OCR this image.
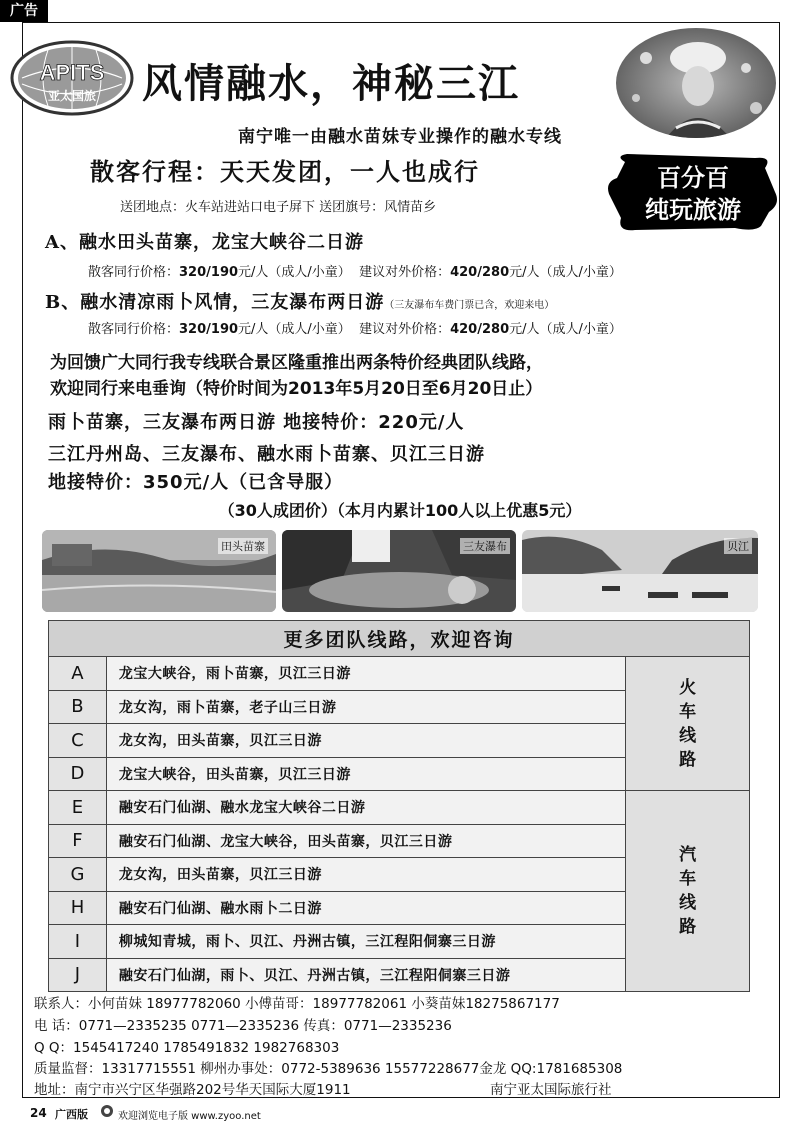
广告
APITS
亚太国旅 风情融水，神秘三江
南宁唯一由融水苗妹专业操作的融水专线
散客行程：天天发团，一人也成行	百分百
纯玩旅游
送团地点：火车站进站口电子屏下 送团旗号：风情苗乡
A、融水田头苗寨，龙宝大峡谷二日游
散客同行价格：320/190元/人（成人/小童） 建议对外价格：420/280元/人（成人/小童）
B、融水清凉雨卜风情，三友瀑布两日游（三友瀑布车费门票已含，欢迎来电）
散客同行价格：320/190元/人（成人/小童） 建议对外价格：420/280元/人（成人/小童）
为回馈广大同行我专线联合景区隆重推出两条特价经典团队线路，
欢迎同行来电垂询（特价时间为2013年5月20日至6月20日止）
雨卜苗寨，三友瀑布两日游 地接特价：220元/人
三江丹州岛、三友瀑布、融水雨卜苗寨、贝江三日游
地接特价：350元/人（已含导服）
（30人成团价）（本月内累计100人以上优惠5元）
田头苗寨	三友瀑布	贝江
更多团队线路，欢迎咨询		
A	龙宝大峡谷，雨卜苗寨，贝江三日游	火
车
线
路
B	龙女沟，雨卜苗寨，老子山三日游	
C	龙女沟，田头苗寨，贝江三日游	
D	龙宝大峡谷，田头苗寨，贝江三日游	
E	融安石门仙湖、融水龙宝大峡谷二日游	汽
车
线
路
F	融安石门仙湖、龙宝大峡谷，田头苗寨，贝江三日游	
G	龙女沟，田头苗寨，贝江三日游	
H	融安石门仙湖、融水雨卜二日游	
I	柳城知青城，雨卜、贝江、丹洲古镇，三江程阳侗寨三日游	
J	融安石门仙湖，雨卜、贝江、丹洲古镇，三江程阳侗寨三日游	
联系人：小何苗妹 18977782060 小傅苗哥：18977782061 小葵苗妹18275867177
电 话：0771—2335235 0771—2335236 传真：0771—2335236
Q Q：1545417240 1785491832 1982768303
质量监督：13317715551 柳州办事处：0772-5389636 15577228677金龙 QQ:1781685308
地址：南宁市兴宁区华强路202号华天国际大厦1911	南宁亚太国际旅行社
24 广西版	欢迎浏览电子版 www.zyoo.net
